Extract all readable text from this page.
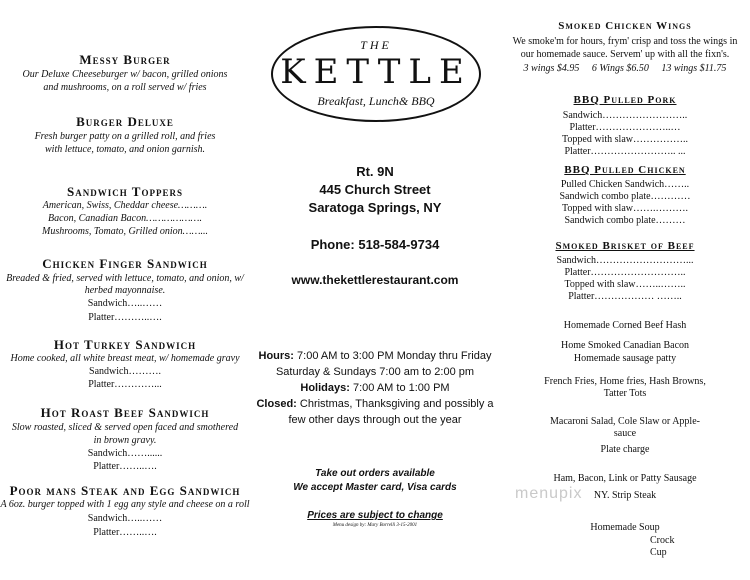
Messy Burger
Our Deluxe Cheeseburger w/ bacon, grilled onions
and mushrooms, on a roll served w/ fries
Burger Deluxe
Fresh burger patty on a grilled roll, and fries
with lettuce, tomato, and onion garnish.
Sandwich Toppers
American, Swiss, Cheddar cheese……….
Bacon, Canadian Bacon……………….
Mushrooms, Tomato, Grilled onion……...
Chicken Finger Sandwich
Breaded & fried, served with lettuce, tomato, and onion, w/
herbed mayonnaise.
Sandwich…..……
Platter………..….
Hot Turkey Sandwich
Home cooked, all white breast meat, w/ homemade gravy
Sandwich……….
Platter…………...
Hot Roast Beef Sandwich
Slow roasted, sliced & served open faced and smothered
in brown gravy.
Sandwich……......
Platter……..….
Poor mans Steak and Egg Sandwich
A 6oz. burger topped with 1 egg any style and cheese on a roll
Sandwich…..……
Platter……..….
THE
KETTLE
Breakfast, Lunch& BBQ
Rt. 9N
445 Church Street
Saratoga Springs, NY
Phone: 518-584-9734
www.thekettlerestaurant.com
Hours: 7:00 AM to 3:00 PM Monday thru Friday
Saturday & Sundays 7:00 am to 2:00 pm
Holidays: 7:00 AM to 1:00 PM
Closed: Christmas, Thanksgiving and possibly a
few other days through out the year
Take out orders available
We accept Master card, Visa cards
Prices are subject to change
Menu design by: Mary Borrelli 3-15-2001
Smoked Chicken Wings
We smoke'm for hours, frym' crisp and toss the wings in
our homemade sauce. Servem' up with all the fixn's.
3 wings $4.95     6 Wings $6.50     13 wings $11.75
BBQ Pulled Pork
Sandwich……………………..
Platter…………………..…
Topped with slaw……………..
Platter…………………….. ...
BBQ Pulled Chicken
Pulled Chicken Sandwich……..
Sandwich combo plate…………
Topped with slaw…….……….
Sandwich combo plate………
Smoked Brisket of Beef
Sandwich………………………...
Platter………………………..
Topped with slaw……..……..
Platter……………… ……..
Homemade Corned Beef Hash
Home Smoked Canadian Bacon
Homemade sausage patty
French Fries, Home fries, Hash Browns,
Tatter Tots
Macaroni Salad, Cole Slaw or Apple-
sauce
Plate charge
Ham, Bacon, Link or Patty Sausage
NY. Strip Steak
Homemade Soup
Crock
Cup
menupix
